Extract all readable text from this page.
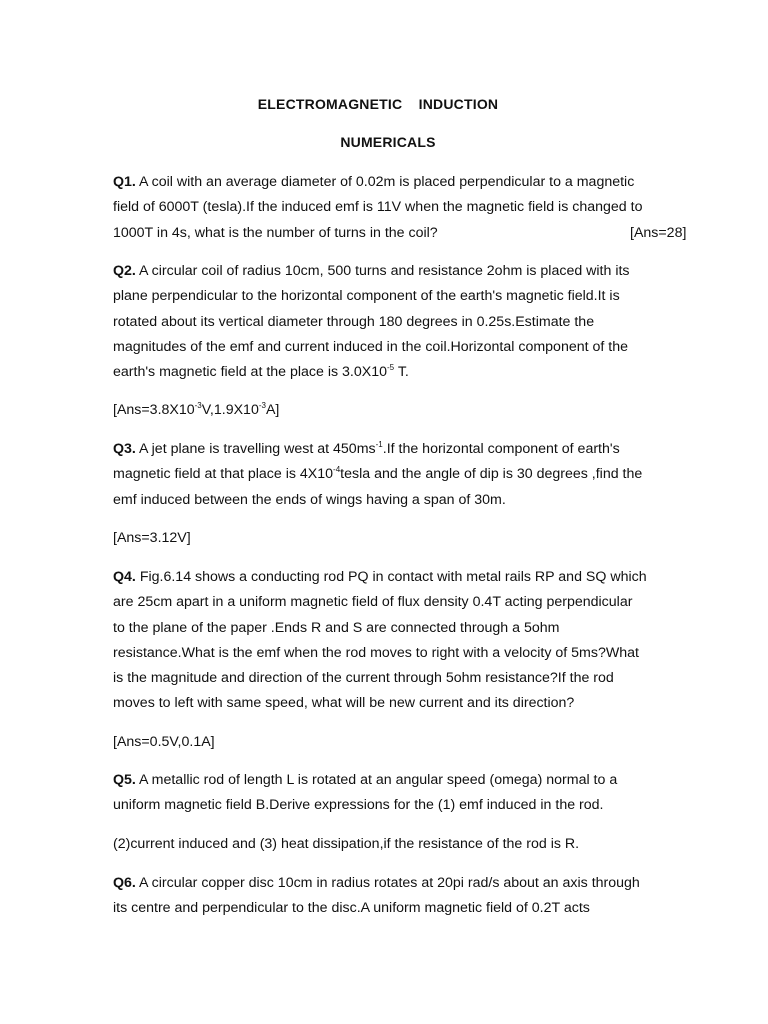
ELECTROMAGNETIC    INDUCTION
NUMERICALS
Q1. A coil with an average diameter of 0.02m is placed perpendicular to a magnetic
field of 6000T (tesla).If the induced emf is 11V when the magnetic field is changed to
1000T in 4s, what is the number of turns in the coil?	[Ans=28]
Q2. A circular coil of radius 10cm, 500 turns and resistance 2ohm is placed with its
plane perpendicular to the horizontal component of the earth's magnetic field.It is
rotated about its vertical diameter through 180 degrees in 0.25s.Estimate the
magnitudes of the emf and current induced in the coil.Horizontal component of the
earth's magnetic field at the place is $3.0X10^{-5}$ T.
$[Ans=3.8X10^{-3}V,1.9X10^{-3}A]$
Q3. A jet plane is travelling west at $450ms^{-1}.If$ the horizontal component of earth's
magnetic field at that place is $4X10^{-4}tesla$ and the angle of dip is 30 degrees ,find the
emf induced between the ends of wings having a span of 30m.
[Ans=3.12V]
Q4. Fig.6.14 shows a conducting rod PQ in contact with metal rails RP and SQ which
are 25cm apart in a uniform magnetic field of flux density 0.4T acting perpendicular
to the plane of the paper .Ends R and S are connected through a 5ohm
resistance.What is the emf when the rod moves to right with a velocity of 5ms?What
is the magnitude and direction of the current through 5ohm resistance?If the rod
moves to left with same speed, what will be new current and its direction?
[Ans=0.5V,0.1A]
Q5. A metallic rod of length L is rotated at an angular speed (omega) normal to a
uniform magnetic field B.Derive expressions for the (1) emf induced in the rod.
(2)current induced and (3) heat dissipation,if the resistance of the rod is R.
Q6. A circular copper disc 10cm in radius rotates at 20pi rad/s about an axis through
its centre and perpendicular to the disc.A uniform magnetic field of 0.2T acts
